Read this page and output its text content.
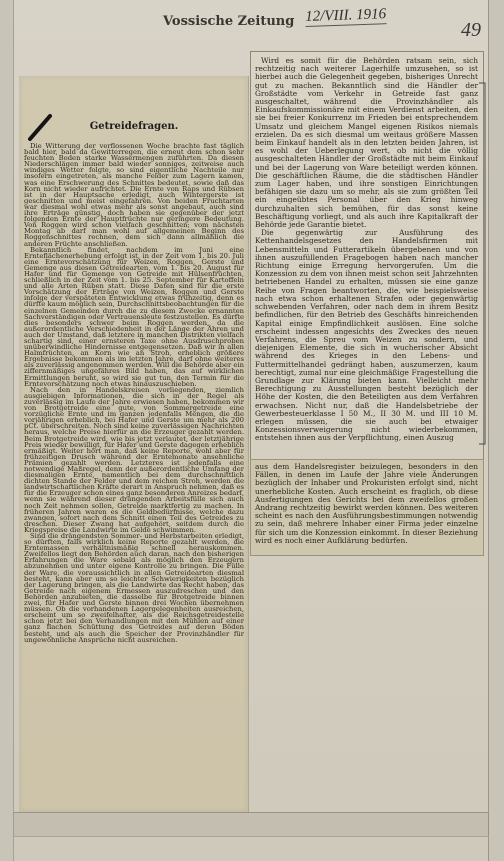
Vossische Zeitung 12/VIII. 1916
49
Getreidefragen.

Die Witterung der verflossenen Woche brachte fast täglich bald hier, bald da Gewitterregen, die erneut dem schon sehr feuchten Boden starke Wassermengen zuführten. Da diesen Niederschlägen immer bald wieder sonniges, zeitweise auch windiges Wetter folgte, so sind eigentliche Nachteile nur insofern eingetreten, als manche Felder zum Lagern kamen, was eine Erschwerung des Schnittes bedeutet, sowie daß das Korn nicht wieder aufrichtet. Die Ernte von Raps und Rübsen ist in der Hauptsache erledigt, auch Wintergerste ist geschnitten und meist eingefahren. Von beiden Fruchtarten war diesmal wohl etwas mehr als sonst angebaut, auch sind ihre Erträge günstig, doch haben sie gegenüber der jetzt folgenden Ernte der Hauptfrüchte nur geringere Bedeutung. Von Roggen wird schon vielfach geschnitten; vom nächsten Montag ab darf man wohl auf allgemeinen Beginn des Roggenschnittes rechnen, dem sich dann allmählich die anderen Früchte anschließen.

Bekanntlich findet, nachdem im Juni eine Ernteflächenerhebung erfolgt ist, in der Zeit vom 1. bis 20. Juli eine Erntevorschätzung für Weizen, Roggen, Gerste und Gemenge aus diesen Getreidearten, vom 1. bis 20. August für Hafer und für Gemenge von Getreide mit Hülsenfrüchten, schließlich in der Zeit vom 1. bis 25. September für Kartoffeln und alle Arten Rüben statt. Diese Daten sind für die erste Vorschätzung der Erträge von Weizen, Roggen und Gerste infolge der verspäteten Entwicklung etwas frühzeitig, denn es dürfte kaum möglich sein, Durchschnittsbeobachtungen für die einzelnen Gemeinden durch die zu diesem Zwecke ernannten Sachverständigen oder Vertrauensleute festzustellen. Es dürfte dies besonders schwer beim Roggen werden, da die außerordentliche Verschiedenheit in der Länge der Ähren und auch der Umstand, daß letztere in manchen Distrikten vielfach schartig sind, einer ernsteren Taxe ohne Ausdruschproben unüberwindliche Hindernisse entgegensetzen. Daß wir in allen Halmfrüchten, an Korn wie an Stroh, erheblich größere Ergebnisse bekommen als im letzten Jahre, darf ohne weiteres als zuverlässig angenommen werden. Will die Behörde aber ein ziffernmäßiges ungefähres Bild haben, das auf wirklichen Ermittlungen beruht, so wird sie gut tun, den Termin für die Erntevorschätzung noch etwas hinauszuschieben.

Nach den in Handelskreisen vorliegenden, ziemlich ausgiebigen Informationen, die sich in der Regel als zuverlässig im Laufe der Jahre erwiesen haben, bekommen wir von Brotgetreide eine gute, von Sommergetreide eine vorzügliche Ernte und im ganzen jedenfalls Mengen, die die vorjährigen erheblich, bei Hafer und Gerste um mehr als 200 pCt. überschreiten. Noch sind keine zuverlässigen Nachrichten heraus, welche Preise hierfür an die Erzeuger gezahlt werden. Beim Brotgetreide wird, wie bis jetzt verlautet, der letztjährige Preis wieder bewilligt, für Hafer und Gerste dagegen erheblich ermäßigt. Weiter hört man, daß keine Reporte, wohl aber für frühzeitigen Drusch während der Erntemonate ansehnliche Prämien gezahlt werden. Letzteres ist jedenfalls eine notwendige Maßregel, denn der außerordentliche Umfang der diesmaligen Ernte, namentlich bei dem durchschnittlich dichten Stande der Felder und dem reichen Stroh, werden die landwirtschaftlichen Kräfte derart in Anspruch nehmen, daß es für die Erzeuger schon eines ganz besonderen Anreizes bedarf, wenn sie während dieser drängenden Arbeitsfülle sich auch noch Zeit nehmen sollen, Getreide marktfertig zu machen. In früheren Jahren waren es die Geldbedürfnisse, welche dazu zwangen, sofort nach dem Schnitt einen Teil des Getreides zu dreschen. Dieser Zwang hat aufgehört, seitdem durch die Kriegspreise die Landwirte im Gelde schwimmen.

Sind die drängendsten Sommer- und Herbstarbeiten erledigt, so dürften, falls wirklich keine Reporte gezahlt werden, die Erntemassen verhältnismäßig schnell herauskommen. Zweifellos liegt den Behörden auch daran, nach den bisherigen Erfahrungen die Ware sobald als möglich den Erzeugern abzunehmen und unter eigene Kontrolle zu bringen. Die Fülle der Ware, die voraussichtlich in allen Getreidearten diesmal besteht, kann aber um so leichter Schwierigkeiten bezüglich der Lagerung bringen, als die Landwirte das Recht haben, das Getreide nach eigenem Ermessen auszudreschen und den Behörden anzubieten, die dasselbe für Brotgetreide binnen zwei, für Hafer und Gerste binnen drei Wochen übernehmen müssen. Ob die vorhandenen Lagergelegenheiten ausreichen, erscheint um so zweifelhafter, als die Reichsgetreidestelle schon jetzt bei den Verhandlungen mit den Mühlen auf einer ganz flachen Schüttung des Getreides auf deren Böden besteht, und als auch die Speicher der Provinzhändler für ungewöhnliche Ansprüche nicht ausreichen.

Wird es somit für die Behörden ratsam sein, sich rechtzeitig nach weiterer Lagerhilfe umzusehen, so ist hierbei auch die Gelegenheit gegeben, bisheriges Unrecht gut zu machen. Bekanntlich sind die Händler der Großstädte vom Verkehr in Getreide fast ganz ausgeschaltet, während die Provinzhändler als Einkaufskommissionäre mit einem Verdienst arbeiten, den sie bei freier Konkurrenz im Frieden bei entsprechendem Umsatz und gleichem Mangel eigenen Risikos niemals erzielen. Da es sich diesmal um weitaus größere Massen beim Einkauf handelt als in den letzten beiden Jahren, ist es wohl der Ueberlegung wert, ob nicht die völlig ausgeschalteten Händler der Großstädte mit beim Einkauf und bei der Lagerung von Ware beteiligt werden können. Die geschäftlichen Räume, die die städtischen Händler zum Lager haben, und ihre sonstigen Einrichtungen befähigen sie dazu um so mehr, als sie zum größten Teil ein eingeübtes Personal über den Krieg hinweg durchzuhalten sich bemühen, für das sonst keine Beschäftigung vorliegt, und als auch ihre Kapitalkraft der Behörde jede Garantie bietet.

Die gegenwärtig zur Ausführung des Kettenhandelsgesetzes den Handelsfirmen mit Lebensmitteln und Futterartikeln übergebenen und von ihnen auszufüllenden Fragebogen haben nach mancher Richtung einige Erregung hervorgerufen. Um die Konzession zu dem von ihnen meist schon seit Jahrzehnten betriebenen Handel zu erhalten, müssen sie eine ganze Reihe von Fragen beantworten, die, wie beispielsweise nach etwa schon erhaltenen Strafen oder gegenwärtig schwebenden Verfahren, oder nach dem in ihrem Besitz befindlichen, für den Betrieb des Geschäfts hinreichenden Kapital einige Empfindlichkeit auslösen. Eine solche erscheint indessen angesichts des Zweckes des neuen Verfahrens, die Spreu vom Weizen zu sondern, und diejenigen Elemente, die sich in wucherischer Absicht während des Krieges in den Lebens- und Futtermittelhandel gedrängt haben, auszumerzen, kaum berechtigt, zumal nur eine gleichmäßige Fragestellung die Grundlage zur Klärung bieten kann. Vielleicht mehr Berechtigung zu Ausstellungen besteht bezüglich der Höhe der Kosten, die den Beteiligten aus dem Verfahren erwachsen. Nicht nur, daß die Handelsbetriebe der Gewerbesteuerklasse I 50 M., II 30 M. und III 10 M. erlegen müssen, die sie auch bei etwaiger Konzessionsverweigerung nicht wiederbekommen, entstehen ihnen aus der Verpflichtung, einen Auszug

aus dem Handelsregister beizulegen, besonders in den Fällen, in denen im Laufe der Jahre viele Änderungen bezüglich der Inhaber und Prokuristen erfolgt sind, nicht unerhebliche Kosten. Auch erscheint es fraglich, ob diese Ausfertigungen des Gerichts bei dem zweifellos großen Andrang rechtzeitig bewirkt werden können. Des weiteren scheint es nach den Ausführungsbestimmungen notwendig zu sein, daß mehrere Inhaber einer Firma jeder einzelne für sich um die Konzession einkommt. In dieser Beziehung wird es noch einer Aufklärung bedürfen.
